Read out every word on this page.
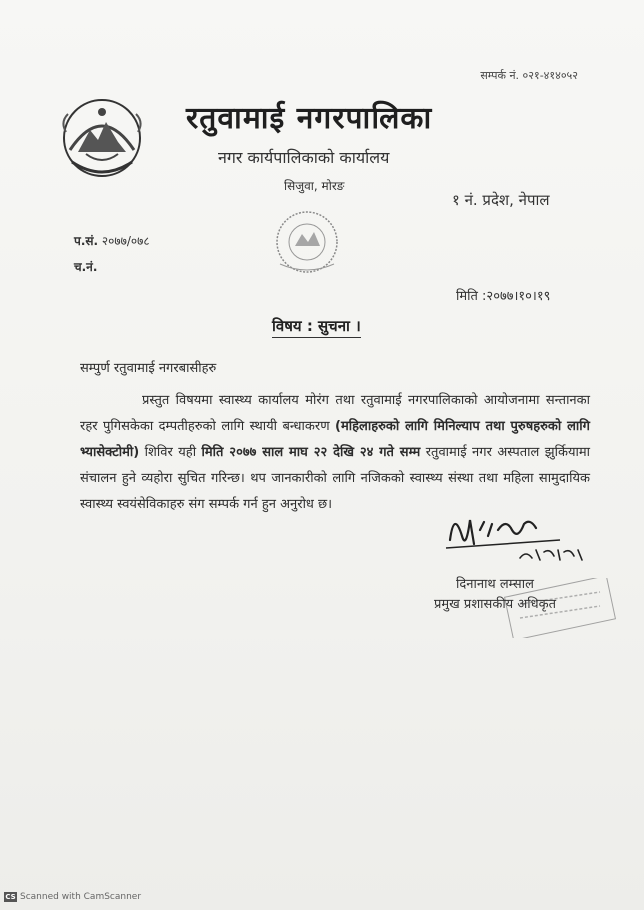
सम्पर्क नं. ०२१-४१४०५२
रतुवामाई नगरपालिका
नगर कार्यपालिकाको कार्यालय
सिजुवा, मोरङ
१ नं. प्रदेश, नेपाल
प.सं. २०७७/०७८
च.नं.
मिति :२०७७।१०।१९
विषय : सुचना ।
सम्पुर्ण रतुवामाई नगरबासीहरु
प्रस्तुत विषयमा स्वास्थ्य कार्यालय मोरंग तथा रतुवामाई नगरपालिकाको आयोजनामा सन्तानका रहर पुगिसकेका दम्पतीहरुको लागि स्थायी बन्धाकरण (महिलाहरुको लागि मिनिल्याप तथा पुरुषहरुको लागि भ्यासेक्टोमी) शिविर यही मिति २०७७ साल माघ २२ देखि २४ गते सम्म रतुवामाई नगर अस्पताल झुर्कियामा संचालन हुने व्यहोरा सुचित गरिन्छ। थप जानकारीको लागि नजिकको स्वास्थ्य संस्था तथा महिला सामुदायिक स्वास्थ्य स्वयंसेविकाहरु संग सम्पर्क गर्न हुन अनुरोध छ।
दिनानाथ लम्साल
प्रमुख प्रशासकीय अधिकृत
CS Scanned with CamScanner
